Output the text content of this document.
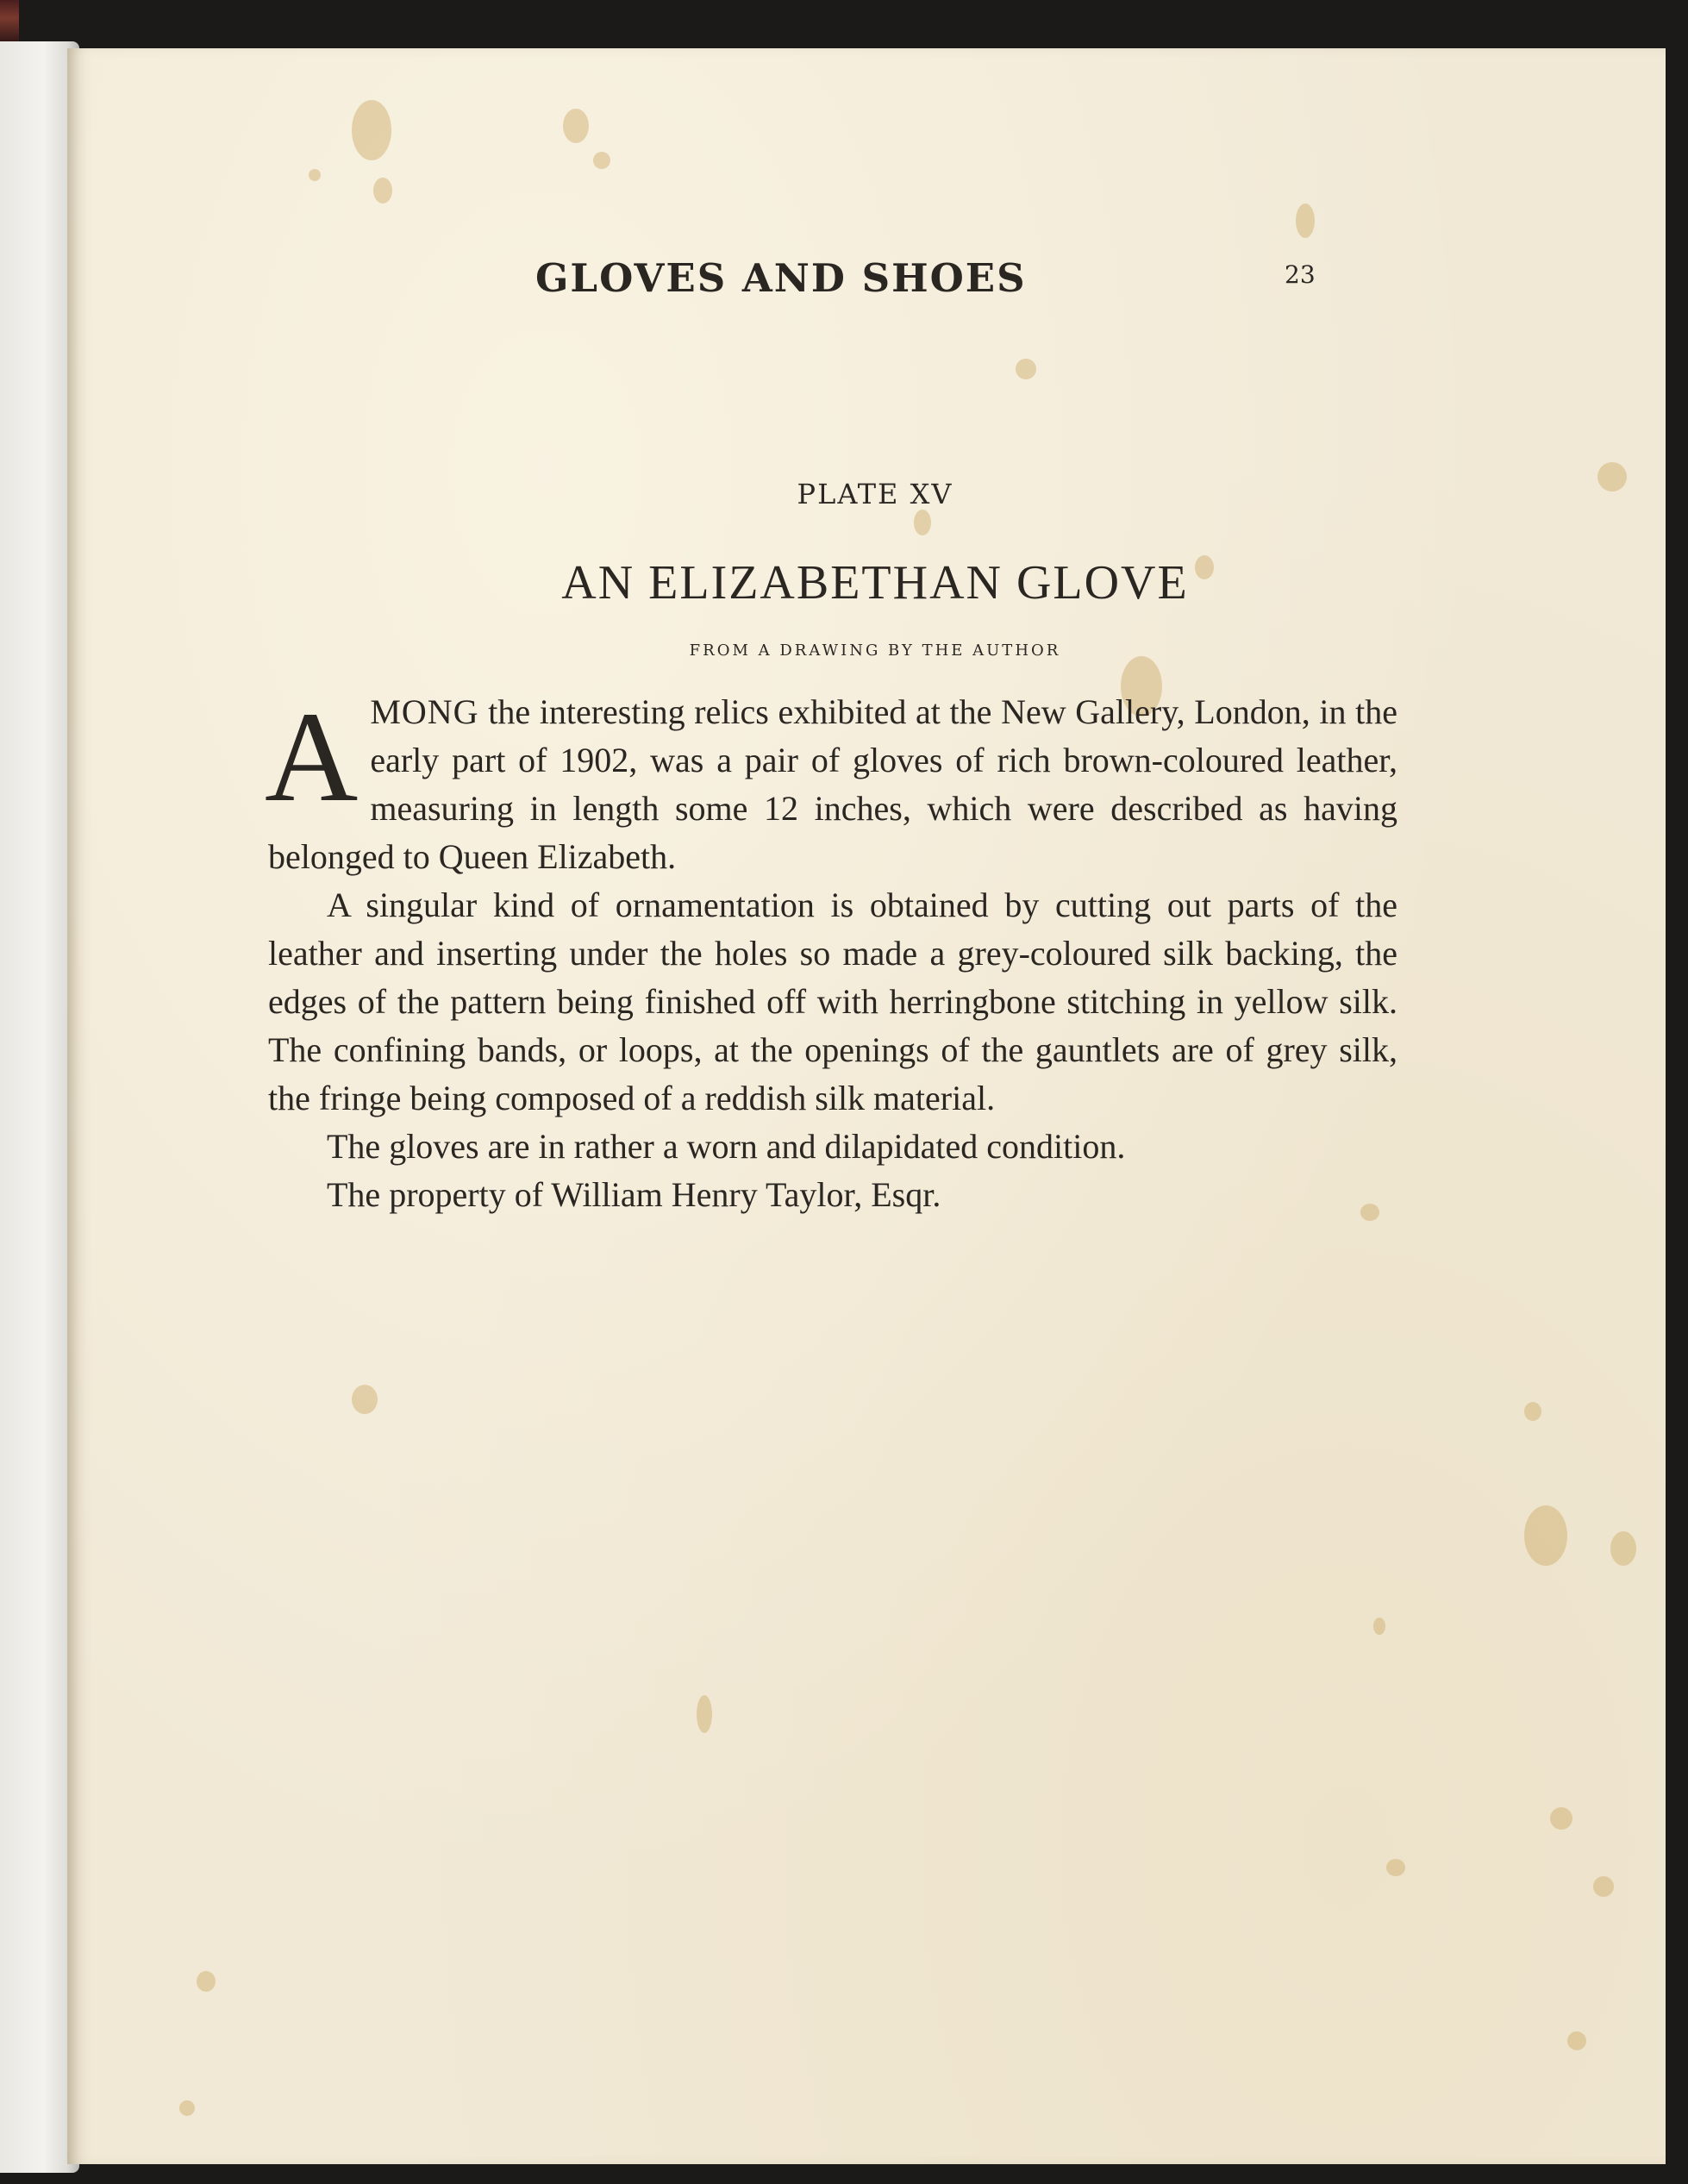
GLOVES AND SHOES	23
PLATE XV
AN ELIZABETHAN GLOVE
FROM A DRAWING BY THE AUTHOR

AMONG the interesting relics exhibited at the New Gallery, London, in the early part of 1902, was a pair of gloves of rich brown-coloured leather, measuring in length some 12 inches, which were described as having belonged to Queen Elizabeth.

A singular kind of ornamentation is obtained by cutting out parts of the leather and inserting under the holes so made a grey-coloured silk backing, the edges of the pattern being finished off with herringbone stitching in yellow silk. The confining bands, or loops, at the openings of the gauntlets are of grey silk, the fringe being composed of a reddish silk material.

The gloves are in rather a worn and dilapidated condition.

The property of William Henry Taylor, Esqr.
